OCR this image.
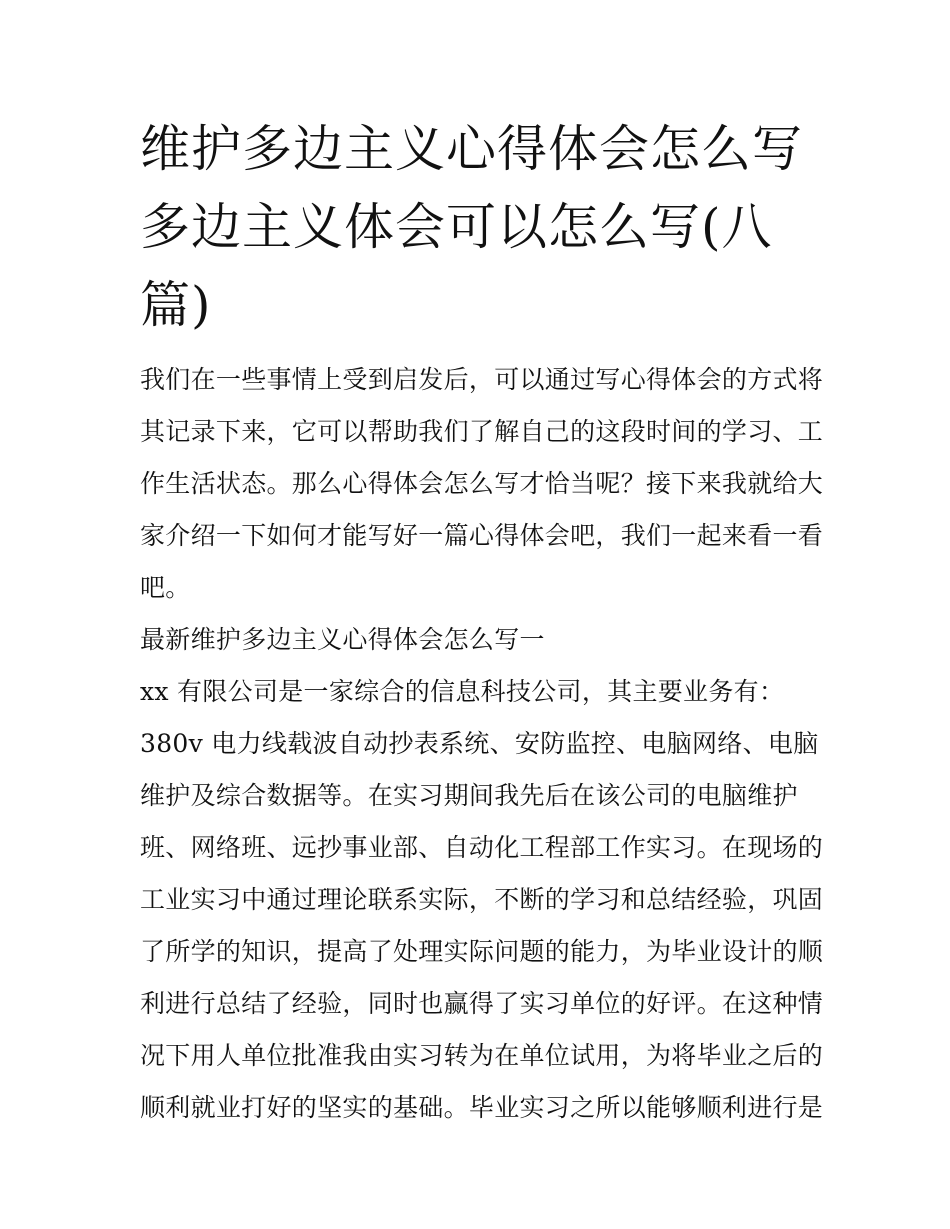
维护多边主义心得体会怎么写
多边主义体会可以怎么写(八
篇)
我们在一些事情上受到启发后，可以通过写心得体会的方式将
其记录下来，它可以帮助我们了解自己的这段时间的学习、工
作生活状态。那么心得体会怎么写才恰当呢？接下来我就给大
家介绍一下如何才能写好一篇心得体会吧，我们一起来看一看
吧。
最新维护多边主义心得体会怎么写一
xx 有限公司是一家综合的信息科技公司，其主要业务有：
380v 电力线载波自动抄表系统、安防监控、电脑网络、电脑
维护及综合数据等。在实习期间我先后在该公司的电脑维护
班、网络班、远抄事业部、自动化工程部工作实习。在现场的
工业实习中通过理论联系实际，不断的学习和总结经验，巩固
了所学的知识，提高了处理实际问题的能力，为毕业设计的顺
利进行总结了经验，同时也赢得了实习单位的好评。在这种情
况下用人单位批准我由实习转为在单位试用，为将毕业之后的
顺利就业打好的坚实的基础。毕业实习之所以能够顺利进行是
